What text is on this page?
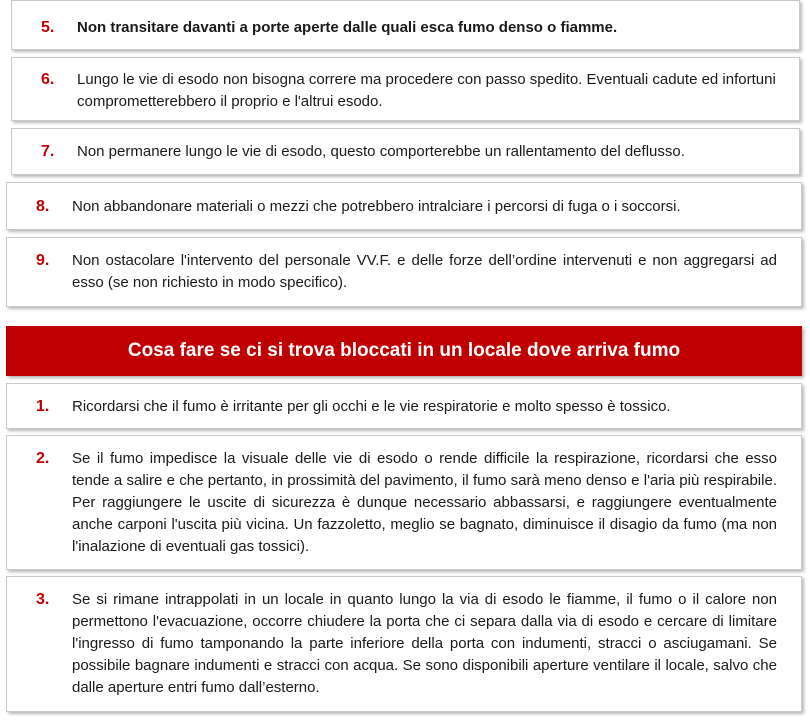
5. Non transitare davanti a porte aperte dalle quali esca fumo denso o fiamme.
6. Lungo le vie di esodo non bisogna correre ma procedere con passo spedito. Eventuali cadute ed infortuni comprometterebbero il proprio e l'altrui esodo.
7. Non permanere lungo le vie di esodo, questo comporterebbe un rallentamento del deflusso.
8. Non abbandonare materiali o mezzi che potrebbero intralciare i percorsi di fuga o i soccorsi.
9. Non ostacolare l'intervento del personale VV.F. e delle forze dell’ordine intervenuti e non aggregarsi ad esso (se non richiesto in modo specifico).
Cosa fare se ci si trova bloccati in un locale dove arriva fumo
1. Ricordarsi che il fumo è irritante per gli occhi e le vie respiratorie e molto spesso è tossico.
2. Se il fumo impedisce la visuale delle vie di esodo o rende difficile la respirazione, ricordarsi che esso tende a salire e che pertanto, in prossimità del pavimento, il fumo sarà meno denso e l'aria più respirabile. Per raggiungere le uscite di sicurezza è dunque necessario abbassarsi, e raggiungere eventualmente anche carponi l'uscita più vicina. Un fazzoletto, meglio se bagnato, diminuisce il disagio da fumo (ma non l'inalazione di eventuali gas tossici).
3. Se si rimane intrappolati in un locale in quanto lungo la via di esodo le fiamme, il fumo o il calore non permettono l'evacuazione, occorre chiudere la porta che ci separa dalla via di esodo e cercare di limitare l'ingresso di fumo tamponando la parte inferiore della porta con indumenti, stracci o asciugamani. Se possibile bagnare indumenti e stracci con acqua. Se sono disponibili aperture ventilare il locale, salvo che dalle aperture entri fumo dall’esterno.
